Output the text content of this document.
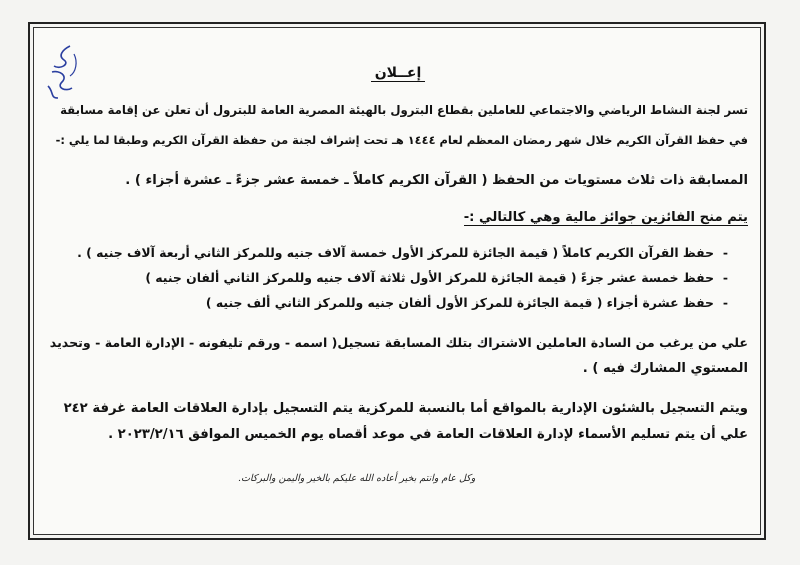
إعــلان
تسر لجنة النشاط الرياضي والاجتماعي للعاملين بقطاع البترول بالهيئة المصرية العامة للبترول أن تعلن عن إقامة مسابقة
في حفظ القرآن الكريم خلال شهر رمضان المعظم لعام ١٤٤٤ هـ تحت إشراف لجنة من حفظة القرآن الكريم وطبقا لما يلي :-
المسابقة ذات ثلاث مستويات من الحفظ ( القرآن الكريم كاملاً ـ خمسة عشر جزءً ـ عشرة أجزاء ) .
يتم منح الفائزين جوائز مالية وهي كالتالي :-
-حفظ القرآن الكريم كاملاً ( قيمة الجائزة للمركز الأول خمسة آلاف جنيه وللمركز الثاني أربعة آلاف جنيه ) .
-حفظ خمسة عشر جزءً ( قيمة الجائزة للمركز الأول ثلاثة آلاف جنيه وللمركز الثاني ألفان جنيه )
-حفظ عشرة أجزاء ( قيمة الجائزة للمركز الأول ألفان جنيه وللمركز الثاني ألف جنيه )
علي من يرغب من السادة العاملين الاشتراك بتلك المسابقة تسجيل( اسمه - ورقم تليفونه - الإدارة العامة - وتحديد
المستوي المشارك فيه ) .
ويتم التسجيل بالشئون الإدارية بالمواقع أما بالنسبة للمركزية يتم التسجيل بإدارة العلاقات العامة غرفة ٢٤٢
علي أن يتم تسليم الأسماء لإدارة العلاقات العامة في موعد أقصاه يوم الخميس الموافق ٢٠٢٣/٢/١٦ .
وكل عام وانتم بخير أعاده الله عليكم بالخير واليمن والبركات.
